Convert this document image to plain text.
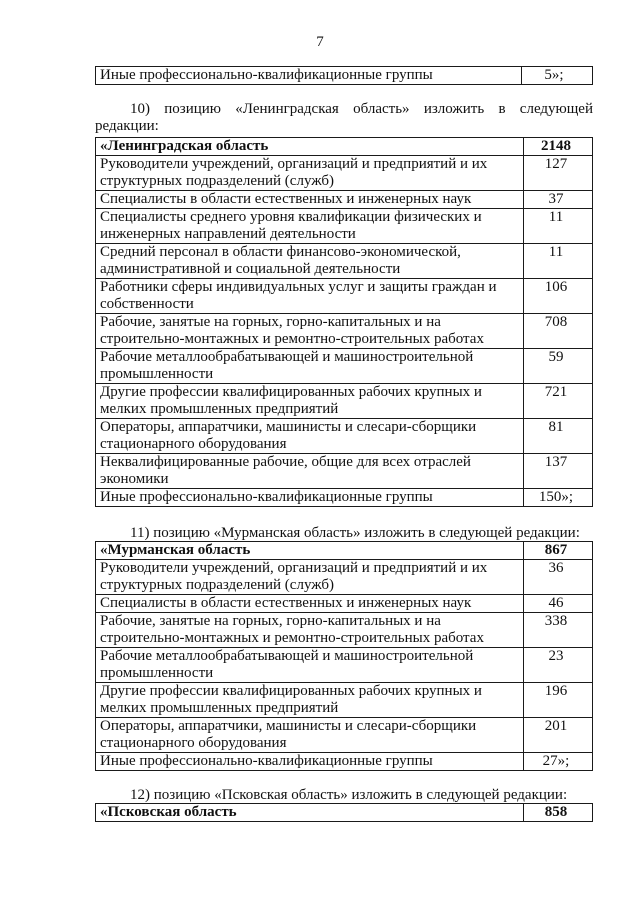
7
Иные профессионально-квалификационные группы	5»;
10) позицию «Ленинградская область» изложить в следующей
редакции:
«Ленинградская область	2148
Руководители учреждений, организаций и предприятий и их структурных подразделений (служб)	127
Специалисты в области естественных и инженерных наук	37
Специалисты среднего уровня квалификации физических и инженерных направлений деятельности	11
Средний персонал в области финансово-экономической, административной и социальной деятельности	11
Работники сферы индивидуальных услуг и защиты граждан и собственности	106
Рабочие, занятые на горных, горно-капитальных и на строительно-монтажных и ремонтно-строительных работах	708
Рабочие металлообрабатывающей и машиностроительной промышленности	59
Другие профессии квалифицированных рабочих крупных и мелких промышленных предприятий	721
Операторы, аппаратчики, машинисты и слесари-сборщики стационарного оборудования	81
Неквалифицированные рабочие, общие для всех отраслей экономики	137
Иные профессионально-квалификационные группы	150»;
11) позицию «Мурманская область» изложить в следующей редакции:
«Мурманская область	867
Руководители учреждений, организаций и предприятий и их структурных подразделений (служб)	36
Специалисты в области естественных и инженерных наук	46
Рабочие, занятые на горных, горно-капитальных и на строительно-монтажных и ремонтно-строительных работах	338
Рабочие металлообрабатывающей и машиностроительной промышленности	23
Другие профессии квалифицированных рабочих крупных и мелких промышленных предприятий	196
Операторы, аппаратчики, машинисты и слесари-сборщики стационарного оборудования	201
Иные профессионально-квалификационные группы	27»;
12) позицию «Псковская область» изложить в следующей редакции:
«Псковская область	858
